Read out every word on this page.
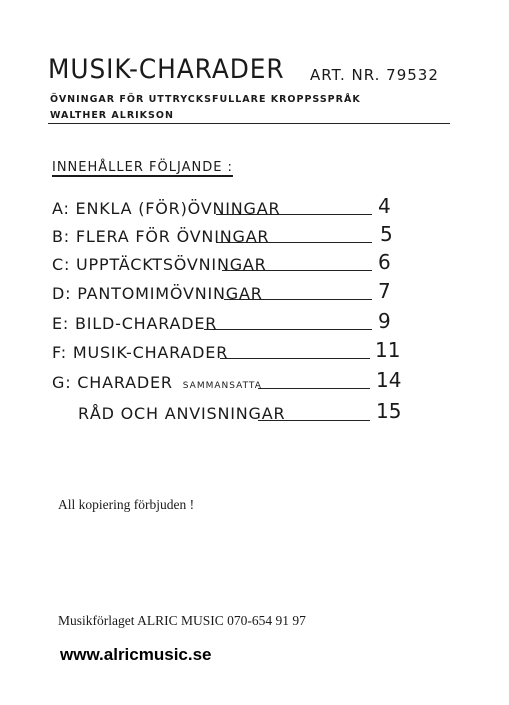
MUSIK-CHARADER ART. NR. 79532
ÖVNINGAR FÖR UTTRYCKSFULLARE KROPPSSPRÅK
WALTHER ALRIKSON
INNEHÅLLER FÖLJANDE :
A: ENKLA (FÖR)ÖVNINGAR	4
B: FLERA FÖR ÖVNINGAR	5
C: UPPTÄCKTSÖVNINGAR	6
D: PANTOMIMÖVNINGAR	7
E: BILD-CHARADER	9
F: MUSIK-CHARADER	11
G: CHARADER SAMMANSATTA	14
RÅD OCH ANVISNINGAR	15
All kopiering förbjuden !
Musikförlaget ALRIC MUSIC 070-654 91 97
www.alricmusic.se
